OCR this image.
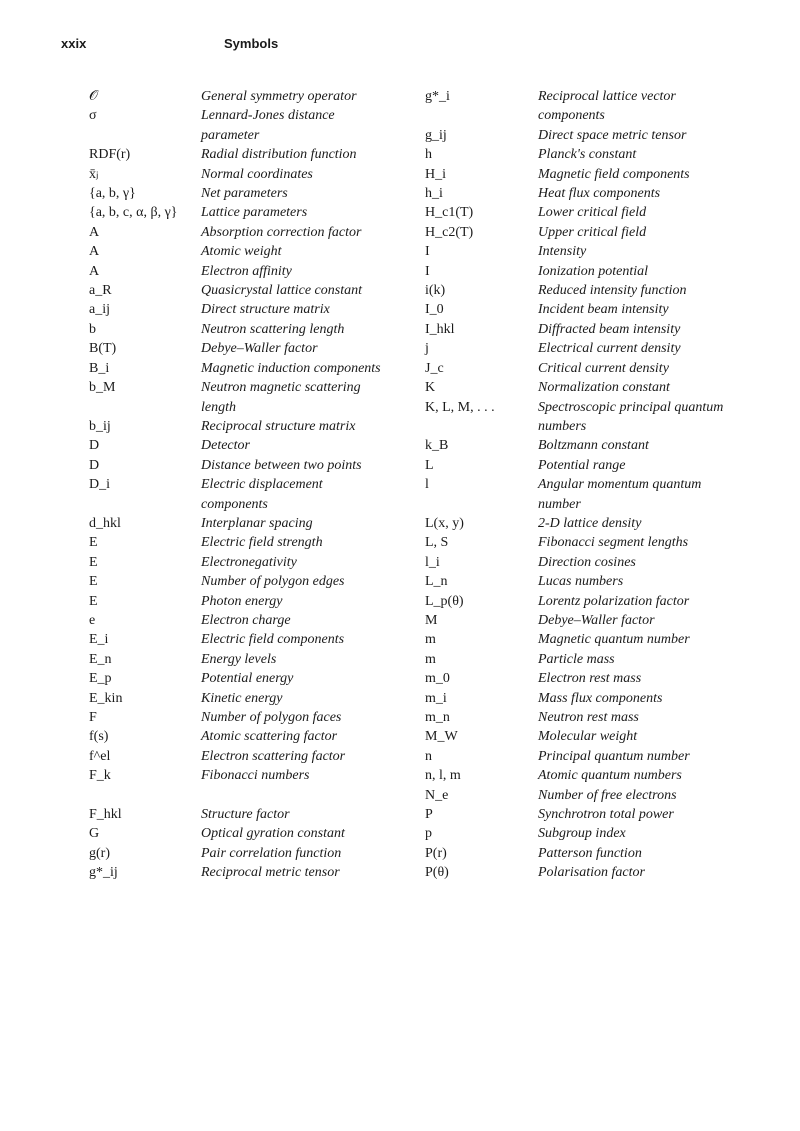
xxix	Symbols
𝒪	General symmetry operator
σ	Lennard-Jones distance parameter
RDF(r)	Radial distribution function
x̄ⱼ	Normal coordinates
{a, b, γ}	Net parameters
{a, b, c, α, β, γ}	Lattice parameters
A	Absorption correction factor
A	Atomic weight
A	Electron affinity
a_R	Quasicrystal lattice constant
a_ij	Direct structure matrix
b	Neutron scattering length
B(T)	Debye–Waller factor
B_i	Magnetic induction components
b_M	Neutron magnetic scattering length
b_ij	Reciprocal structure matrix
D	Detector
D	Distance between two points
D_i	Electric displacement components
d_hkl	Interplanar spacing
E	Electric field strength
E	Electronegativity
E	Number of polygon edges
E	Photon energy
e	Electron charge
E_i	Electric field components
E_n	Energy levels
E_p	Potential energy
E_kin	Kinetic energy
F	Number of polygon faces
f(s)	Atomic scattering factor
f^el	Electron scattering factor
F_k	Fibonacci numbers

F_hkl	Structure factor
G	Optical gyration constant
g(r)	Pair correlation function
g*_ij	Reciprocal metric tensor
g*_i	Reciprocal lattice vector components
g_ij	Direct space metric tensor
h	Planck's constant
H_i	Magnetic field components
h_i	Heat flux components
H_c1(T)	Lower critical field
H_c2(T)	Upper critical field
I	Intensity
I	Ionization potential
i(k)	Reduced intensity function
I_0	Incident beam intensity
I_hkl	Diffracted beam intensity
j	Electrical current density
J_c	Critical current density
K	Normalization constant
K, L, M, . . .	Spectroscopic principal quantum numbers
k_B	Boltzmann constant
L	Potential range
l	Angular momentum quantum number
L(x, y)	2-D lattice density
L, S	Fibonacci segment lengths
l_i	Direction cosines
L_n	Lucas numbers
L_p(θ)	Lorentz polarization factor
M	Debye–Waller factor
m	Magnetic quantum number
m	Particle mass
m_0	Electron rest mass
m_i	Mass flux components
m_n	Neutron rest mass
M_W	Molecular weight
n	Principal quantum number
n, l, m	Atomic quantum numbers
N_e	Number of free electrons
P	Synchrotron total power
p	Subgroup index
P(r)	Patterson function
P(θ)	Polarisation factor
